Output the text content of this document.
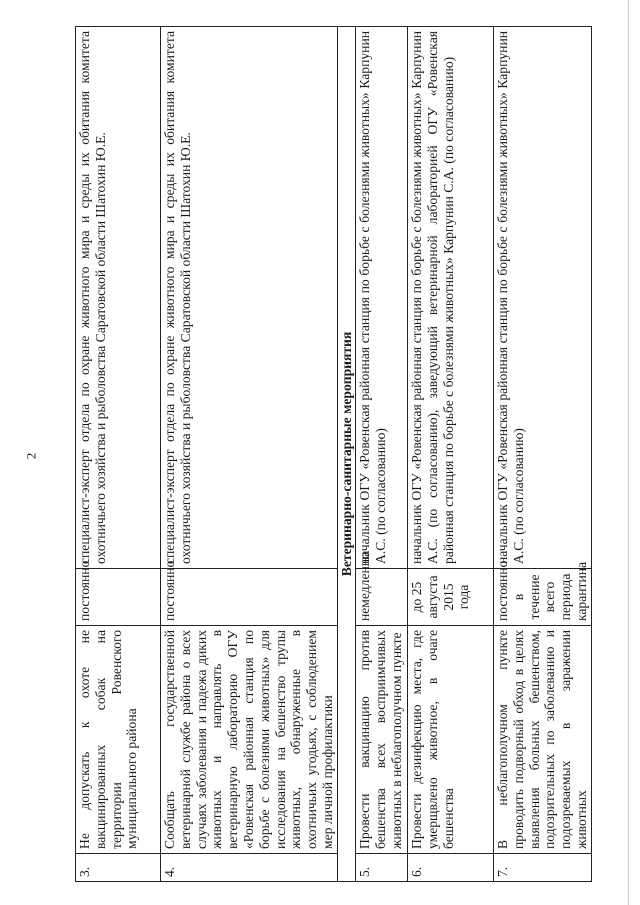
2
3.	Не допускать к охоте не вакцинированных собак на территории Ровенского муниципального района	постоянно	специалист-эксперт отдела по охране животного мира и среды их обитания комитета охотничьего хозяйства и рыболовства Саратовской области Шатохин Ю.Е.
4.	Сообщать государственной ветеринарной службе района о всех случаях заболевания и падежа диких животных и направлять в ветеринарную лабораторию ОГУ «Ровенская районная станция по борьбе с болезнями животных» для исследования на бешенство трупы животных, обнаруженные в охотничьих угодьях, с соблюдением мер личной профилактики	постоянно	специалист-эксперт отдела по охране животного мира и среды их обитания комитета охотничьего хозяйства и рыболовства Саратовской области Шатохин Ю.Е.
Ветеринарно-санитарные мероприятия			
5.	Провести вакцинацию против бешенства всех восприимчивых животных в неблагополучном пункте	немедленно	начальник ОГУ «Ровенская районная станция по борьбе с болезнями животных» Карпунин А.С. (по согласованию)
6.	Провести дезинфекцию места, где умерщвлено животное, в очаге бешенства	до 25 августа 2015 года	начальник ОГУ «Ровенская районная станция по борьбе с болезнями животных» Карпунин А.С. (по согласованию), заведующий ветеринарной лабораторией ОГУ «Ровенская районная станция по борьбе с болезнями животных» Карпунин С.А. (по согласованию)
7.	В неблагополучном пункте проводить подворный обход в целях выявления больных бешенством, подозрительных по заболеванию и подозреваемых в заражении животных	постоянно в течение всего периода карантина	начальник ОГУ «Ровенская районная станция по борьбе с болезнями животных» Карпунин А.С. (по согласованию)
